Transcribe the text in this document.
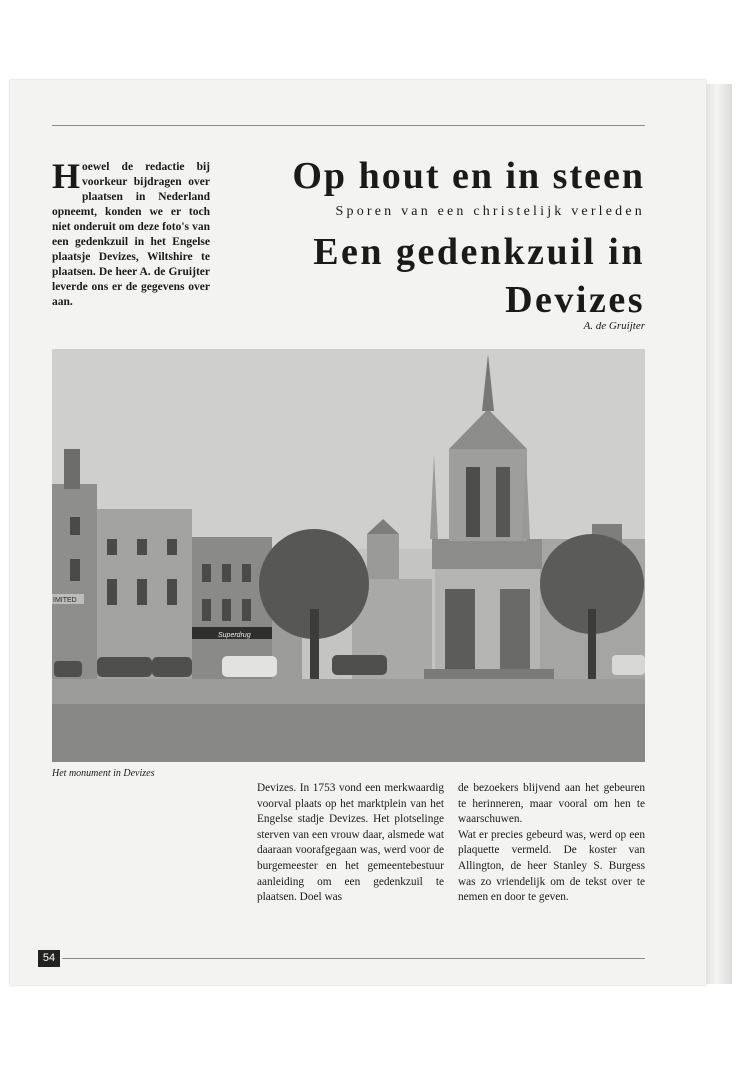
Hoewel de redactie bij voorkeur bijdragen over plaatsen in Nederland opneemt, konden we er toch niet onderuit om deze foto's van een gedenkzuil in het Engelse plaatsje Devizes, Wiltshire te plaatsen. De heer A. de Gruijter leverde ons er de gegevens over aan.
Op hout en in steen

Sporen van een christelijk verleden

Een gedenkzuil in
Devizes
A. de Gruijter
Superdrug
IMITED
Het monument in Devizes

Devizes. In 1753 vond een merkwaardig voorval plaats op het marktplein van het Engelse stadje Devizes. Het plotselinge sterven van een vrouw daar, alsmede wat daaraan voorafgegaan was, werd voor de burgemeester en het gemeentebestuur aanleiding om een gedenkzuil te plaatsen. Doel was

de bezoekers blijvend aan het gebeuren te herinneren, maar vooral om hen te waarschuwen.

Wat er precies gebeurd was, werd op een plaquette vermeld. De koster van Allington, de heer Stanley S. Burgess was zo vriendelijk om de tekst over te nemen en door te geven.

54
